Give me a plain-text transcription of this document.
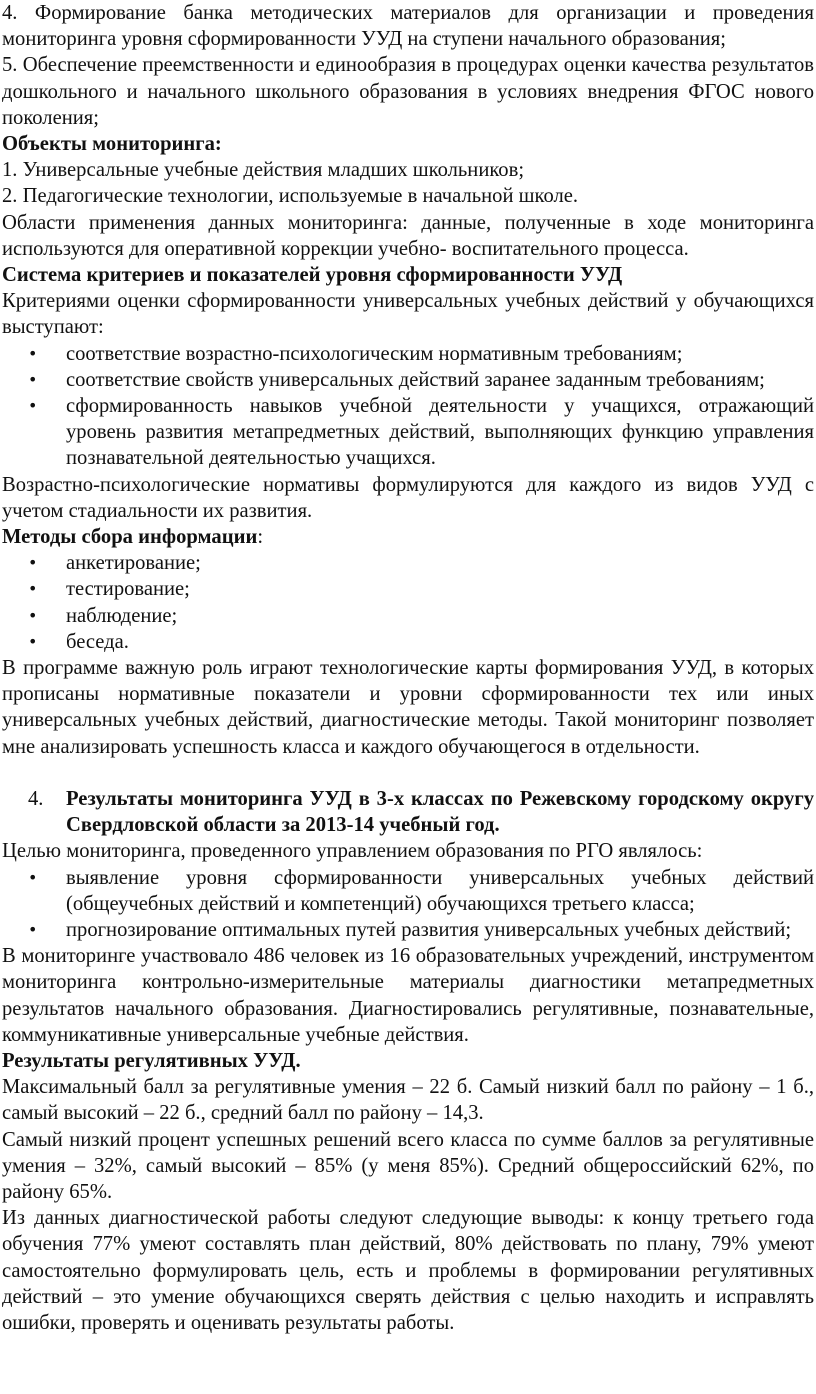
4. Формирование банка методических материалов для организации и проведения мониторинга уровня сформированности УУД на ступени начального образования;

5. Обеспечение преемственности и единообразия в процедурах оценки качества результатов дошкольного и начального школьного образования в условиях внедрения ФГОС нового поколения;

Объекты мониторинга:

1. Универсальные учебные действия младших школьников;

2. Педагогические технологии, используемые в начальной школе.

Области применения данных мониторинга: данные, полученные в ходе мониторинга используются для оперативной коррекции учебно- воспитательного процесса.

Система критериев и показателей уровня сформированности УУД

Критериями оценки сформированности универсальных учебных действий у обучающихся выступают:

• соответствие возрастно-психологическим нормативным требованиям;
• соответствие свойств универсальных действий заранее заданным требованиям;
• сформированность навыков учебной деятельности у учащихся, отражающий уровень развития метапредметных действий, выполняющих функцию управления познавательной деятельностью учащихся.

Возрастно-психологические нормативы формулируются для каждого из видов УУД с учетом стадиальности их развития.

Методы сбора информации:

• анкетирование;
• тестирование;
• наблюдение;
• беседа.

В программе важную роль играют технологические карты формирования УУД, в которых прописаны нормативные показатели и уровни сформированности тех или иных универсальных учебных действий, диагностические методы. Такой мониторинг позволяет мне анализировать успешность класса и каждого обучающегося в отдельности.

4. Результаты мониторинга УУД в 3-х классах по Режевскому городскому округу Свердловской области за 2013-14 учебный год.

Целью мониторинга, проведенного управлением образования по РГО являлось:

• выявление уровня сформированности универсальных учебных действий (общеучебных действий и компетенций) обучающихся третьего класса;
• прогнозирование оптимальных путей развития универсальных учебных действий;

В мониторинге участвовало 486 человек из 16 образовательных учреждений, инструментом мониторинга контрольно-измерительные материалы диагностики метапредметных результатов начального образования. Диагностировались регулятивные, познавательные, коммуникативные универсальные учебные действия.

Результаты регулятивных УУД.

Максимальный балл за регулятивные умения – 22 б. Самый низкий балл по району – 1 б., самый высокий – 22 б., средний балл по району – 14,3.

Самый низкий процент успешных решений всего класса по сумме баллов за регулятивные умения – 32%, самый высокий – 85% (у меня 85%). Средний общероссийский 62%, по району 65%.

Из данных диагностической работы следуют следующие выводы: к концу третьего года обучения 77% умеют составлять план действий, 80% действовать по плану, 79% умеют самостоятельно формулировать цель, есть и проблемы в формировании регулятивных действий – это умение обучающихся сверять действия с целью находить и исправлять ошибки, проверять и оценивать результаты работы.
